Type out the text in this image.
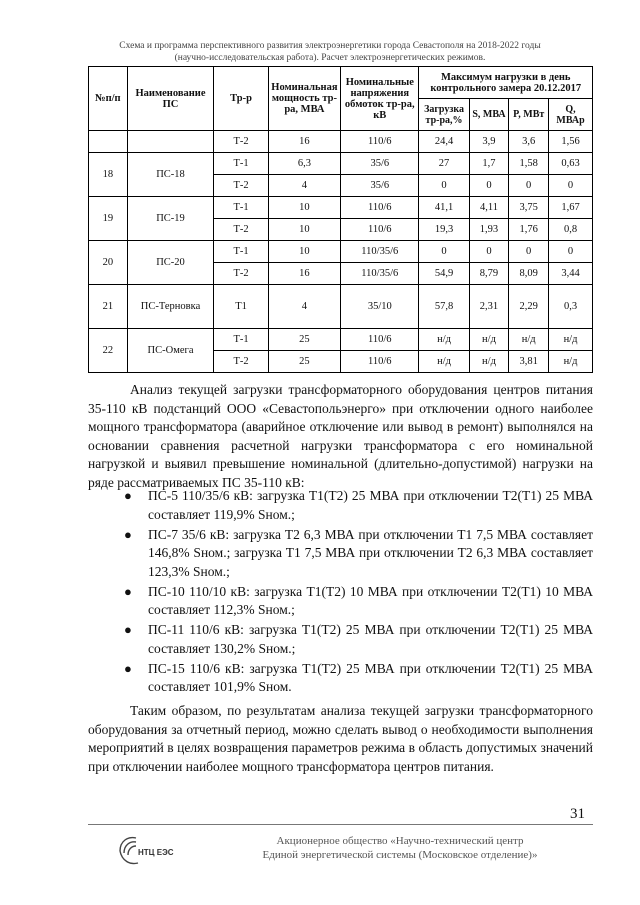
Схема и программа перспективного развития электроэнергетики города Севастополя на 2018-2022 годы
(научно-исследовательская работа). Расчет электроэнергетических режимов.
№п/п	Наименование ПС	Тр-р	Номинальная мощность тр-ра, МВА	Номинальные напряжения обмоток тр-ра, кВ	Максимум нагрузки в день контрольного замера 20.12.2017			
					Загрузка тр-ра,%	S, МВА	P, МВт	Q, МВАр
		Т-2	16	110/6	24,4	3,9	3,6	1,56
18	ПС-18	Т-1	6,3	35/6	27	1,7	1,58	0,63
		Т-2	4	35/6	0	0	0	0
19	ПС-19	Т-1	10	110/6	41,1	4,11	3,75	1,67
		Т-2	10	110/6	19,3	1,93	1,76	0,8
20	ПС-20	Т-1	10	110/35/6	0	0	0	0
		Т-2	16	110/35/6	54,9	8,79	8,09	3,44
21	ПС-Терновка	Т1	4	35/10	57,8	2,31	2,29	0,3
22	ПС-Омега	Т-1	25	110/6	н/д	н/д	н/д	н/д
		Т-2	25	110/6	н/д	н/д	3,81	н/д

Анализ текущей загрузки трансформаторного оборудования центров питания 35-110 кВ подстанций ООО «Севастопольэнерго» при отключении одного наиболее мощного трансформатора (аварийное отключение или вывод в ремонт) выполнялся на основании сравнения расчетной нагрузки трансформатора с его номинальной нагрузкой и выявил превышение номинальной (длительно-допустимой) нагрузки на ряде рассматриваемых ПС 35-110 кВ:

● ПС-5 110/35/6 кВ: загрузка Т1(Т2) 25 МВА при отключении Т2(Т1) 25 МВА составляет 119,9% Sном.;
● ПС-7 35/6 кВ: загрузка Т2 6,3 МВА при отключении Т1 7,5 МВА составляет 146,8% Sном.; загрузка Т1 7,5 МВА при отключении Т2 6,3 МВА составляет 123,3% Sном.;
● ПС-10 110/10 кВ: загрузка Т1(Т2) 10 МВА при отключении Т2(Т1) 10 МВА составляет 112,3% Sном.;
● ПС-11 110/6 кВ: загрузка Т1(Т2) 25 МВА при отключении Т2(Т1) 25 МВА составляет 130,2% Sном.;
● ПС-15 110/6 кВ: загрузка Т1(Т2) 25 МВА при отключении Т2(Т1) 25 МВА составляет 101,9% Sном.

Таким образом, по результатам анализа текущей загрузки трансформаторного оборудования за отчетный период, можно сделать вывод о необходимости выполнения мероприятий в целях возвращения параметров режима в область допустимых значений при отключении наиболее мощного трансформатора центров питания.

31
НТЦ ЕЭС
Акционерное общество «Научно-технический центр
Единой энергетической системы (Московское отделение)»
